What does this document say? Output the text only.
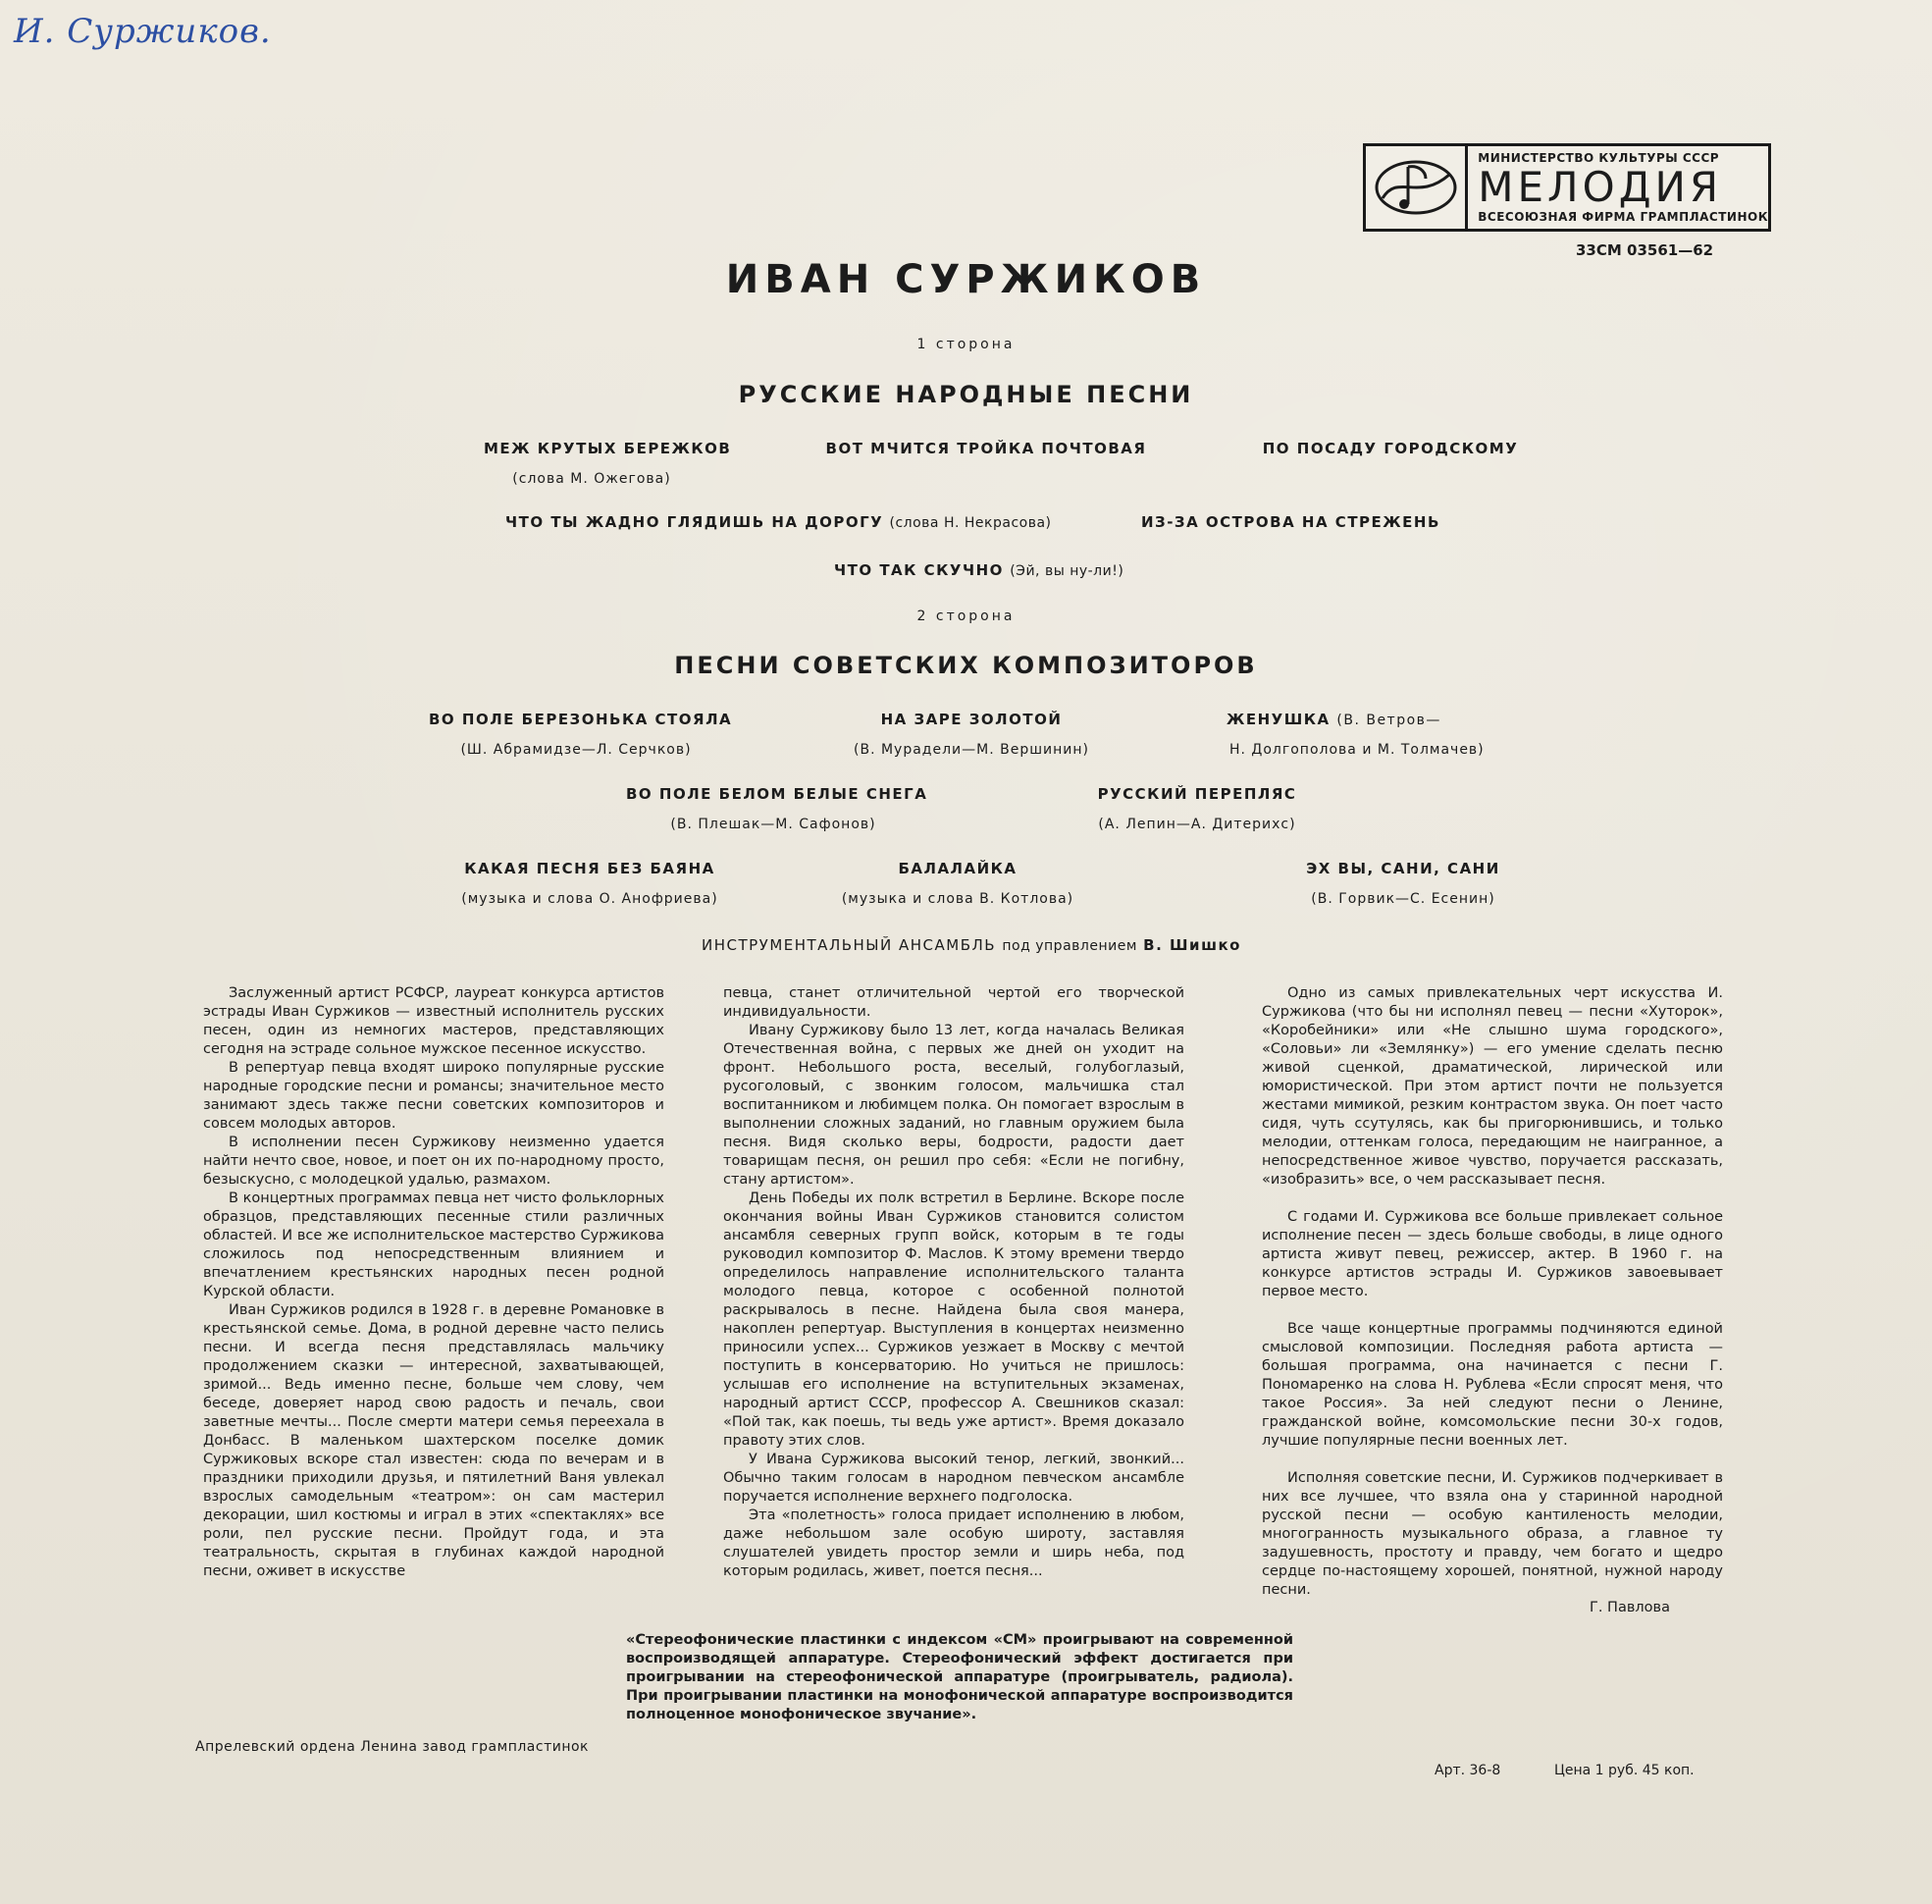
И. Суржиков.
МИНИСТЕРСТВО КУЛЬТУРЫ СССР
МЕЛОДИЯ
ВСЕСОЮЗНАЯ ФИРМА ГРАМПЛАСТИНОК
33СМ 03561—62
ИВАН СУРЖИКОВ
1 сторона
РУССКИЕ НАРОДНЫЕ ПЕСНИ
МЕЖ КРУТЫХ БЕРЕЖКОВ
(слова М. Ожегова)
ВОТ МЧИТСЯ ТРОЙКА ПОЧТОВАЯ	ПО ПОСАДУ ГОРОДСКОМУ
ЧТО ТЫ ЖАДНО ГЛЯДИШЬ НА ДОРОГУ (слова Н. Некрасова)	ИЗ-ЗА ОСТРОВА НА СТРЕЖЕНЬ
ЧТО ТАК СКУЧНО (Эй, вы ну-ли!)
2 сторона
ПЕСНИ СОВЕТСКИХ КОМПОЗИТОРОВ
ВО ПОЛЕ БЕРЕЗОНЬКА СТОЯЛА
(Ш. Абрамидзе—Л. Серчков)
НА ЗАРЕ ЗОЛОТОЙ
(В. Мурадели—М. Вершинин)
ЖЕНУШКА (В. Ветров—
Н. Долгополова и М. Толмачев)
ВО ПОЛЕ БЕЛОМ БЕЛЫЕ СНЕГА
(В. Плешак—М. Сафонов)
РУССКИЙ ПЕРЕПЛЯС
(А. Лепин—А. Дитерихс)
КАКАЯ ПЕСНЯ БЕЗ БАЯНА
(музыка и слова О. Анофриева)
БАЛАЛАЙКА
(музыка и слова В. Котлова)
ЭХ ВЫ, САНИ, САНИ
(В. Горвик—С. Есенин)
ИНСТРУМЕНТАЛЬНЫЙ АНСАМБЛЬ под управлением В. Шишко

Заслуженный артист РСФСР, лауреат конкурса артистов эстрады Иван Суржиков — известный исполнитель русских песен, один из немногих мастеров, представляющих сегодня на эстраде сольное мужское песенное искусство.

В репертуар певца входят широко популярные русские народные городские песни и романсы; значительное место занимают здесь также песни советских композиторов и совсем молодых авторов.

В исполнении песен Суржикову неизменно удается найти нечто свое, новое, и поет он их по-народному просто, безыскусно, с молодецкой удалью, размахом.

В концертных программах певца нет чисто фольклорных образцов, представляющих песенные стили различных областей. И все же исполнительское мастерство Суржикова сложилось под непосредственным влиянием и впечатлением крестьянских народных песен родной Курской области.

Иван Суржиков родился в 1928 г. в деревне Романовке в крестьянской семье. Дома, в родной деревне часто пелись песни. И всегда песня представлялась мальчику продолжением сказки — интересной, захватывающей, зримой... Ведь именно песне, больше чем слову, чем беседе, доверяет народ свою радость и печаль, свои заветные мечты... После смерти матери семья переехала в Донбасс. В маленьком шахтерском поселке домик Суржиковых вскоре стал известен: сюда по вечерам и в праздники приходили друзья, и пятилетний Ваня увлекал взрослых самодельным «театром»: он сам мастерил декорации, шил костюмы и играл в этих «спектаклях» все роли, пел русские песни. Пройдут года, и эта театральность, скрытая в глубинах каждой народной песни, оживет в искусстве

певца, станет отличительной чертой его творческой индивидуальности.

Ивану Суржикову было 13 лет, когда началась Великая Отечественная война, с первых же дней он уходит на фронт. Небольшого роста, веселый, голубоглазый, русоголовый, с звонким голосом, мальчишка стал воспитанником и любимцем полка. Он помогает взрослым в выполнении сложных заданий, но главным оружием была песня. Видя сколько веры, бодрости, радости дает товарищам песня, он решил про себя: «Если не погибну, стану артистом».

День Победы их полк встретил в Берлине. Вскоре после окончания войны Иван Суржиков становится солистом ансамбля северных групп войск, которым в те годы руководил композитор Ф. Маслов. К этому времени твердо определилось направление исполнительского таланта молодого певца, которое с особенной полнотой раскрывалось в песне. Найдена была своя манера, накоплен репертуар. Выступления в концертах неизменно приносили успех... Суржиков уезжает в Москву с мечтой поступить в консерваторию. Но учиться не пришлось: услышав его исполнение на вступительных экзаменах, народный артист СССР, профессор А. Свешников сказал: «Пой так, как поешь, ты ведь уже артист». Время доказало правоту этих слов.

У Ивана Суржикова высокий тенор, легкий, звонкий... Обычно таким голосам в народном певческом ансамбле поручается исполнение верхнего подголоска.

Эта «полетность» голоса придает исполнению в любом, даже небольшом зале особую широту, заставляя слушателей увидеть простор земли и ширь неба, под которым родилась, живет, поется песня...

Одно из самых привлекательных черт искусства И. Суржикова (что бы ни исполнял певец — песни «Хуторок», «Коробейники» или «Не слышно шума городского», «Соловьи» ли «Землянку») — его умение сделать песню живой сценкой, драматической, лирической или юмористической. При этом артист почти не пользуется жестами мимикой, резким контрастом звука. Он поет часто сидя, чуть ссутулясь, как бы пригорюнившись, и только мелодии, оттенкам голоса, передающим не наигранное, а непосредственное живое чувство, поручается рассказать, «изобразить» все, о чем рассказывает песня.

С годами И. Суржикова все больше привлекает сольное исполнение песен — здесь больше свободы, в лице одного артиста живут певец, режиссер, актер. В 1960 г. на конкурсе артистов эстрады И. Суржиков завоевывает первое место.

Все чаще концертные программы подчиняются единой смысловой композиции. Последняя работа артиста — большая программа, она начинается с песни Г. Пономаренко на слова Н. Рублева «Если спросят меня, что такое Россия». За ней следуют песни о Ленине, гражданской войне, комсомольские песни 30-х годов, лучшие популярные песни военных лет.

Исполняя советские песни, И. Суржиков подчеркивает в них все лучшее, что взяла она у старинной народной русской песни — особую кантиленость мелодии, многогранность музыкального образа, а главное ту задушевность, простоту и правду, чем богато и щедро сердце по-настоящему хорошей, понятной, нужной народу песни.

Г. Павлова
«Стереофонические пластинки с индексом «СМ» проигрывают на современной воспроизводящей аппаратуре. Стереофонический эффект достигается при проигрывании на стереофонической аппаратуре (проигрыватель, радиола). При проигрывании пластинки на монофонической аппаратуре воспроизводится полноценное монофоническое звучание».
Апрелевский ордена Ленина завод грампластинок
Арт. 36-8	Цена 1 руб. 45 коп.
